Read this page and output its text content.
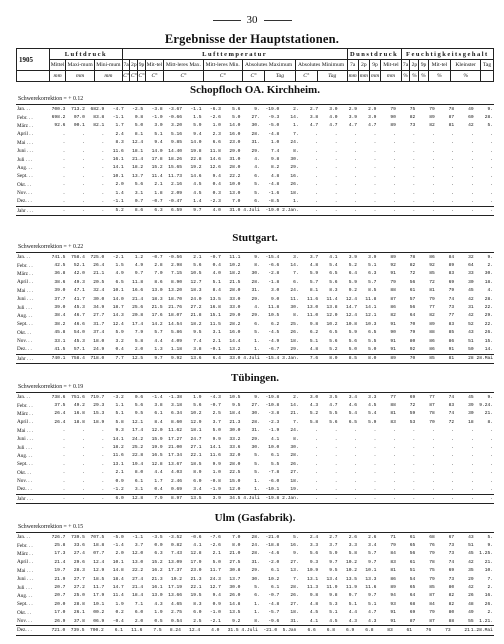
30
Ergebnisse der Hauptstationen.
1905	Luftdruck			Lufttemperatur										Dunstdruck				Feuchtigkeitsgehalt					
	Mittel	Maxi-mum	Mini-mum	7a	2p	9p	Mit-tel	Mitt-leres Max.	Mitt-leres Min.	Absolutes Maximum		Absolutes Minimum		7a	2p	9p	Mit-tel	7a	2p	9p	Mit-tel	Kleinster	Tag
	mm	mm	mm	C°	C°	C°	C°	C°	C°	C°	Tag	C°	Tag	mm	mm	mm	mm	%	%	%	%	%	
Schwerekorrektion = + 0.12
Schopfloch OA. Kirchheim.
Jan. . .	700.3	713.2	682.9	-4.7	-2.5	-3.8	-3.67	-1.1	-6.3	5.6	9.	-19.0	2.	2.7	3.0	2.9	2.9	79	75	79	78	49	9.
Febr. . .	698.2	07.0	83.8	-1.1	0.8	-1.0	-0.66	1.5	-2.6	5.0	27.	-9.3	14.	3.8	4.0	3.9	3.9	90	82	89	87	60	28.
März . .	92.6	00.1	82.1	1.7	5.0	3.0	3.20	5.9	1.0	14.0	30.	-5.0	1.	4.7	4.7	4.7	4.7	89	73	82	81	42	5.
April . .	.	.	.	2.4	8.1	5.1	5.16	9.4	2.3	16.0	28.	-4.8	7.	.	.	.	.	.	.	.	.	.	.
Mai . . .	.	.	.	8.3	12.4	9.4	9.85	14.0	6.6	23.0	31.	1.0	24.	.	.	.	.	.	.	.	.	.	.
Juni . . .	.	.	.	11.6	18.1	14.0	14.40	19.8	11.8	29.0	29.	7.4	8.	.	.	.	.	.	.	.	.	.	.
Juli . . .	.	.	.	16.1	21.4	17.8	18.26	22.8	14.6	31.0	4.	9.8	30.	.	.	.	.	.	.	.	.	.	.
Aug. . .	.	.	.	14.1	18.2	15.2	15.65	19.2	12.6	28.0	4.	8.2	29.	.	.	.	.	.	.	.	.	.	.
Sept. . .	.	.	.	10.1	13.7	11.4	11.73	14.6	9.4	22.2	6.	4.8	16.	.	.	.	.	.	.	.	.	.	.
Okt. . .	.	.	.	2.0	5.6	2.1	2.16	4.5	0.4	10.0	5.	-4.8	26.	.	.	.	.	.	.	.	.	.	.
Nov. . .	.	.	.	1.4	3.1	1.8	2.09	4.5	0.3	13.0	5.	-1.6	18.	.	.	.	.	.	.	.	.	.	.
Dez. . .	.	.	.	-1.1	0.7	-0.7	-0.47	1.4	-2.3	7.0	6.	-8.5	1.	.	.	.	.	.	.	.	.	.	.
Jahr . . .	.	.	.	5.2	8.6	6.3	6.59	9.7	4.0	31.0 4.Juli	-19.0 2.Jan.	.	.	.	.	.	.	.	.	.	.
Schwerekorrektion = + 0.22
Stuttgart.
Jan. . .	741.5	758.4	725.0	-2.1	1.2	-0.7	-0.56	2.1	-0.7	11.1	9.	-15.4	3.	3.7	4.1	3.9	3.9	89	78	86	84	32	9.
Febr. . .	42.5	52.1	26.4	1.5	4.9	2.8	2.98	5.6	0.4	10.2	8.	-6.6	14.	4.8	5.4	5.2	5.1	92	82	92	89	64	2.
März . .	36.8	42.0	21.1	4.9	9.7	7.0	7.15	10.5	4.0	18.2	30.	-2.8	7.	5.9	6.5	6.4	6.3	91	72	85	83	33	30.
April . .	38.6	49.3	20.5	6.5	11.8	8.6	8.90	12.7	5.1	21.5	28.	-1.8	6.	5.7	5.6	5.9	5.7	79	56	72	69	30	18.
Mai . . .	39.0	47.1	32.4	10.1	16.6	13.0	13.20	18.3	8.4	28.0	31.	3.0	24.	8.1	8.3	9.2	8.5	88	61	81	79	45	4.
Juni . . .	37.7	41.7	30.0	14.0	21.4	18.3	18.70	24.0	13.5	33.0	29.	9.0	11.	11.6	11.4	12.4	11.8	87	57	79	74	42	28.
Juli . . .	39.0	45.3	34.9	18.7	25.6	21.5	21.76	27.2	16.8	33.0	4.	11.8	30.	13.0	13.8	14.7	14.1	86	56	77	73	31	22.
Aug. . .	38.4	46.7	27.7	14.3	20.8	17.6	18.07	21.8	15.1	29.0	29.	10.5	8.	11.0	12.0	12.4	12.1	82	64	82	77	42	29.
Sept. . .	38.2	46.6	31.7	12.4	17.4	14.2	14.54	18.2	11.5	28.2	6.	6.2	25.	9.8	10.2	10.8	10.3	91	70	89	83	52	22.
Okt. . .	45.8	54.0	37.4	5.9	7.9	5.7	5.86	9.5	3.1	16.0	5.	-4.5	26.	6.2	6.5	5.9	6.5	90	79	88	85	43	26.
Nov. . .	33.1	45.3	18.0	3.2	5.8	4.4	4.09	7.4	2.1	14.4	1.	-4.9	18.	5.1	5.6	5.6	5.5	91	80	86	86	51	15.
Dez. . .	41.5	57.1	24.9	0.4	2.0	1.3	1.18	3.8	-0.1	13.2	1.	-6.7	29.	4.8	5.2	5.0	5.0	91	92	86	91	50	14.
Jahr . . .	740.1	758.4	718.0	7.7	12.5	9.7	9.92	13.6	6.4	33.0 4.Juli	-15.4 3.Jan.	7.6	8.0	8.5	8.0	89	70	85	81	28 28.Mai
Schwerekorrektion = + 0.19
Tübingen.
Jan. . .	738.6	751.6	719.7	-3.2	0.6	-1.4	-1.38	1.9	-4.3	10.5	9.	-19.8	2.	3.0	3.5	3.4	3.3	77	69	77	74	45	9.
Febr. . .	37.5	49.2	29.3	1.1	5.6	3.8	3.18	5.6	-0.7	9.5	27.	-10.8	14.	4.3	4.7	4.6	4.5	88	72	87	83	39	9.24.
März . .	26.4	16.8	15.3	5.1	9.5	6.1	6.34	10.2	2.5	18.4	30.	-3.8	21.	5.2	5.5	5.4	5.4	81	59	78	74	30	21.
April . .	26.4	18.8	18.9	5.8	12.1	8.4	8.60	12.9	3.7	21.3	28.	-2.3	7.	5.8	5.6	6.5	5.9	83	53	70	72	18	8.
Mai . . .	.	.	.	9.3	17.4	12.0	11.62	18.1	5.0	30.0	31.	-1.9	24.	.	.	.	.	.	.	.	.	.	.
Juni . . .	.	.	.	14.1	24.2	15.9	17.27	24.7	9.9	33.2	29.	4.1	8.	.	.	.	.	.	.	.	.	.	.
Juli . . .	.	.	.	18.2	25.2	19.9	21.00	27.1	14.1	33.6	30.	10.0	30.	.	.	.	.	.	.	.	.	.	.
Aug. . .	.	.	.	11.6	22.8	16.5	17.34	22.1	11.6	32.0	5.	6.1	28.	.	.	.	.	.	.	.	.	.	.
Sept. . .	.	.	.	13.1	19.4	12.8	13.67	18.5	9.9	28.0	5.	5.5	26.	.	.	.	.	.	.	.	.	.	.
Okt. . .	.	.	.	2.1	8.0	4.4	4.03	8.9	1.0	22.5	5.	-7.8	27.	.	.	.	.	.	.	.	.	.	.
Nov. . .	.	.	.	0.9	6.1	1.7	2.46	6.0	-0.8	15.0	1.	-6.0	18.	.	.	.	.	.	.	.	.	.	.
Dez. . .	.	.	.	-1.2	3.1	0.4	0.69	3.4	-1.9	12.0	1.	-10.1	19.	.	.	.	.	.	.	.	.	.	.
Jahr . . .	.	.	.	6.0	12.8	7.9	8.97	13.5	3.9	34.5 4.Juli	-19.8 2.Jan.	.	.	.	.	.	.	.	.	.	.
Schwerekorrektion = + 0.15
Ulm (Gasfabrik).
Jan. . .	726.7	739.5	707.5	-5.0	-1.1	-3.5	-3.52	-0.6	-7.6	7.0	28.	-21.0	5.	2.4	2.7	2.6	2.6	71	61	68	67	43	5.
Febr. . .	25.8	33.6	18.8	-1.4	3.7	0.0	0.82	4.1	-2.6	8.0	24.	-18.8	16.	3.3	3.7	3.3	3.4	79	65	76	73	51	9.
März . .	17.3	27.4	07.7	2.0	12.0	6.3	7.43	12.8	2.1	21.0	28.	-4.6	9.	5.6	5.9	5.8	5.7	84	56	79	73	45	1.25.
April . .	21.4	29.6	12.4	10.1	13.0	15.2	13.09	17.9	5.0	27.5	31.	-2.0	27.	9.3	9.7	10.2	9.7	83	61	78	74	42	21.
Mai . . .	19.7	28.3	12.9	14.8	22.2	16.2	17.37	23.0	11.7	30.8	29.	6.1	13.	10.9	9.5	10.2	10.1	81	51	75	69	35	10.
Juni . . .	21.9	27.7	18.5	18.4	27.4	21.3	19.2	21.3	24.3	13.7	30.	10.2	7.	13.1	13.4	13.5	13.3	86	54	79	73	29	7.
Juli . . .	20.7	27.2	11.7	14.7	21.4	16.1	17.19	22.1	12.7	30.0	5.	6.1	28.	11.3	11.9	11.9	11.6	89	65	85	80	42	2.
Aug. . .	20.7	25.0	17.9	11.4	18.4	13.0	13.66	19.5	9.4	26.0	6.	-0.7	26.	9.8	9.8	9.7	9.7	94	64	87	82	26	16.
Sept. . .	20.0	28.8	10.1	1.9	7.1	4.3	4.65	8.3	0.9	14.8	1.	-4.8	27.	4.8	5.3	5.1	5.1	93	68	84	82	48	26.
Okt. . .	17.0	26.1	00.2	0.2	6.0	1.9	2.75	6.0	-1.0	13.5	1.	-5.7	18.	4.5	5.1	4.4	4.7	91	69	79	80	49	2.
Nov. . .	26.9	37.8	06.9	-0.4	2.0	0.5	0.54	2.5	-2.1	9.2	8.	-9.6	31.	4.1	4.5	4.3	4.3	91	87	87	88	55	1.21.
Dez. . .	721.0	739.5	700.2	6.1	11.6	7.5	8.24	12.4	4.0	31.5 4.Juli	-21.0	5.Jan	6.6	6.8	6.9	6.8	83	61	76	73	21 1.28.Mai
